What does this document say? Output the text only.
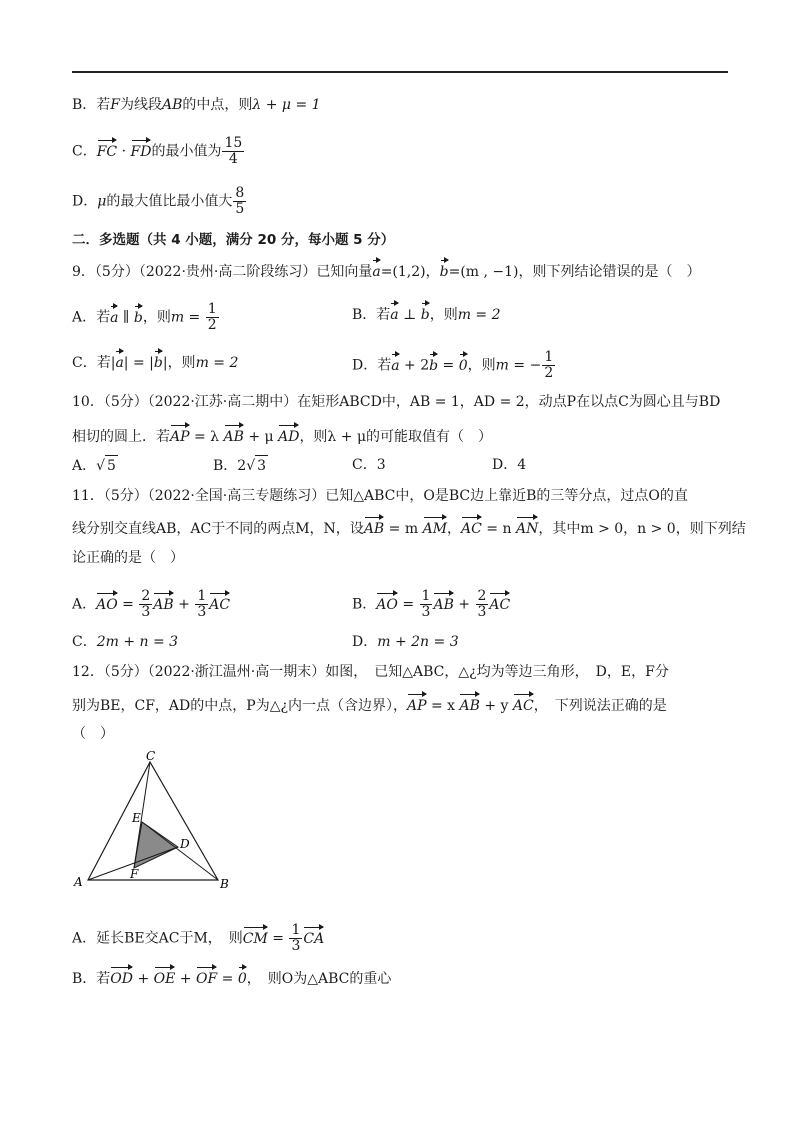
B．若F为线段AB的中点，则λ + μ = 1
C．FC · FD的最小值为 $\frac{15}{4}$
D．μ的最大值比最小值大 $\frac{8}{5}$
二．多选题（共 4 小题，满分 20 分，每小题 5 分）
9．（5分）（2022·贵州·高二阶段练习）已知向量a=(1,2)，b=(m , −1)，则下列结论错误的是（　）
A．若a ∥ b，则$m = \frac{1}{2}$	B．若a ⊥ b，则m = 2
C．若|a| = |b|，则m = 2	D．若a + 2b = 0，则m = − $\frac{1}{2}$
10．（5分）（2022·江苏·高二期中）在矩形ABCD中，AB = 1，AD = 2，动点P在以点C为圆心且与BD
相切的圆上．若AP = λ AB + μ AD，则λ + μ的可能取值有（　）
A．√ 5	B．2√ 3	C．3	D．4
11．（5分）（2022·全国·高三专题练习）已知△ABC中，O是BC边上靠近B的三等分点，过点O的直
线分别交直线AB，AC于不同的两点M，N，设AB = m AM，AC = n AN，其中m > 0，n > 0，则下列结
论正确的是（　）
A．AO = $\frac{2}{3}$ AB + $\frac{1}{3}$ AC	B．AO = $\frac{1}{3}$ AB + $\frac{2}{3}$ AC
C．2m + n = 3	D．m + 2n = 3
12．（5分）（2022·浙江温州·高一期末）如图，　已知△ABC，△¿均为等边三角形，　D，E，F分
别为BE，CF，AD的中点，P为△¿内一点（含边界），AP = x AB + y AC，　下列说法正确的是
（　）
C
E
D
F
A	B
A．延长BE交AC于M，　则CM = $\frac{1}{3}$ CA
B．若OD + OE + OF = 0，　则O为△ABC的重心
